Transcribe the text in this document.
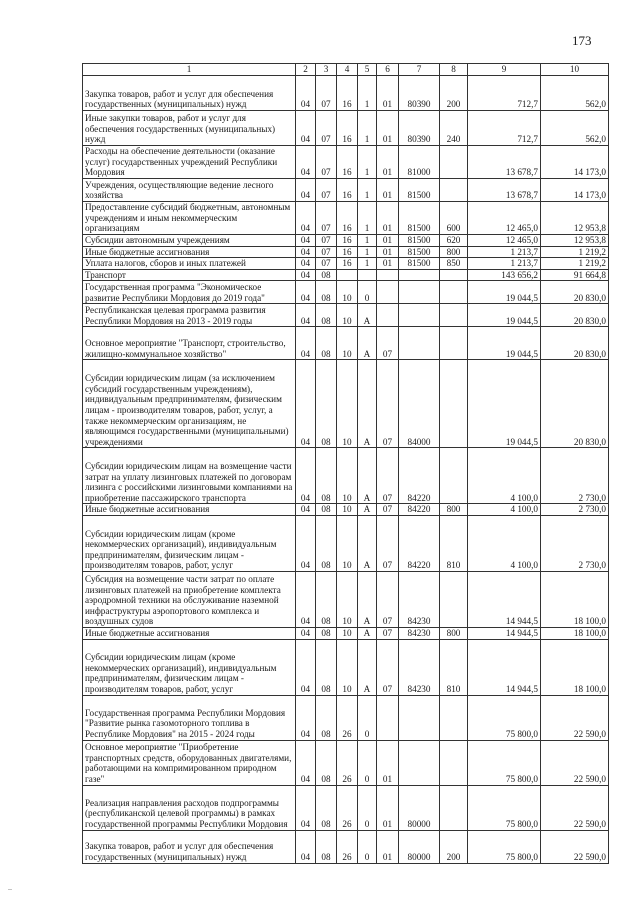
173
1	2	3	4	5	6	7	8	9	10
Закупка товаров, работ и услуг для обеспечения государственных (муниципальных) нужд	04	07	16	1	01	80390	200	712,7	562,0
Иные закупки товаров, работ и услуг для обеспечения государственных (муниципальных) нужд	04	07	16	1	01	80390	240	712,7	562,0
Расходы на обеспечение деятельности (оказание услуг) государственных учреждений Республики Мордовия	04	07	16	1	01	81000		13 678,7	14 173,0
Учреждения, осуществляющие ведение лесного хозяйства	04	07	16	1	01	81500		13 678,7	14 173,0
Предоставление субсидий бюджетным, автономным учреждениям и иным некоммерческим организациям	04	07	16	1	01	81500	600	12 465,0	12 953,8
Субсидии автономным учреждениям	04	07	16	1	01	81500	620	12 465,0	12 953,8
Иные бюджетные ассигнования	04	07	16	1	01	81500	800	1 213,7	1 219,2
Уплата налогов, сборов и иных платежей	04	07	16	1	01	81500	850	1 213,7	1 219,2
Транспорт	04	08						143 656,2	91 664,8
Государственная программа "Экономическое развитие Республики Мордовия до 2019 года"	04	08	10	0				19 044,5	20 830,0
Республиканская целевая программа развития Республики Мордовия на 2013 - 2019 годы	04	08	10	А				19 044,5	20 830,0
Основное мероприятие "Транспорт, строительство, жилищно-коммунальное хозяйство"	04	08	10	А	07			19 044,5	20 830,0
Субсидии юридическим лицам (за исключением субсидий государственным учреждениям), индивидуальным предпринимателям, физическим лицам - производителям товаров, работ, услуг, а также некоммерческим организациям, не являющимся государственными (муниципальными) учреждениями	04	08	10	А	07	84000		19 044,5	20 830,0
Субсидии юридическим лицам на возмещение части затрат на уплату лизинговых платежей по договорам лизинга с российскими лизинговыми компаниями на приобретение пассажирского транспорта	04	08	10	А	07	84220		4 100,0	2 730,0
Иные бюджетные ассигнования	04	08	10	А	07	84220	800	4 100,0	2 730,0
Субсидии юридическим лицам (кроме некоммерческих организаций), индивидуальным предпринимателям, физическим лицам - производителям товаров, работ, услуг	04	08	10	А	07	84220	810	4 100,0	2 730,0
Субсидия на возмещение части затрат по оплате лизинговых платежей на приобретение комплекта аэродромной техники на обслуживание наземной инфраструктуры аэропортового комплекса и воздушных судов	04	08	10	А	07	84230		14 944,5	18 100,0
Иные бюджетные ассигнования	04	08	10	А	07	84230	800	14 944,5	18 100,0
Субсидии юридическим лицам (кроме некоммерческих организаций), индивидуальным предпринимателям, физическим лицам - производителям товаров, работ, услуг	04	08	10	А	07	84230	810	14 944,5	18 100,0
Государственная программа Республики Мордовия "Развитие рынка газомоторного топлива в Республике Мордовия" на 2015 - 2024 годы	04	08	26	0				75 800,0	22 590,0
Основное мероприятие "Приобретение транспортных средств, оборудованных двигателями, работающими на компримированном природном газе"	04	08	26	0	01			75 800,0	22 590,0
Реализация направления расходов подпрограммы (республиканской целевой программы) в рамках государственной программы Республики Мордовия	04	08	26	0	01	80000		75 800,0	22 590,0
Закупка товаров, работ и услуг для обеспечения государственных (муниципальных) нужд	04	08	26	0	01	80000	200	75 800,0	22 590,0
..
